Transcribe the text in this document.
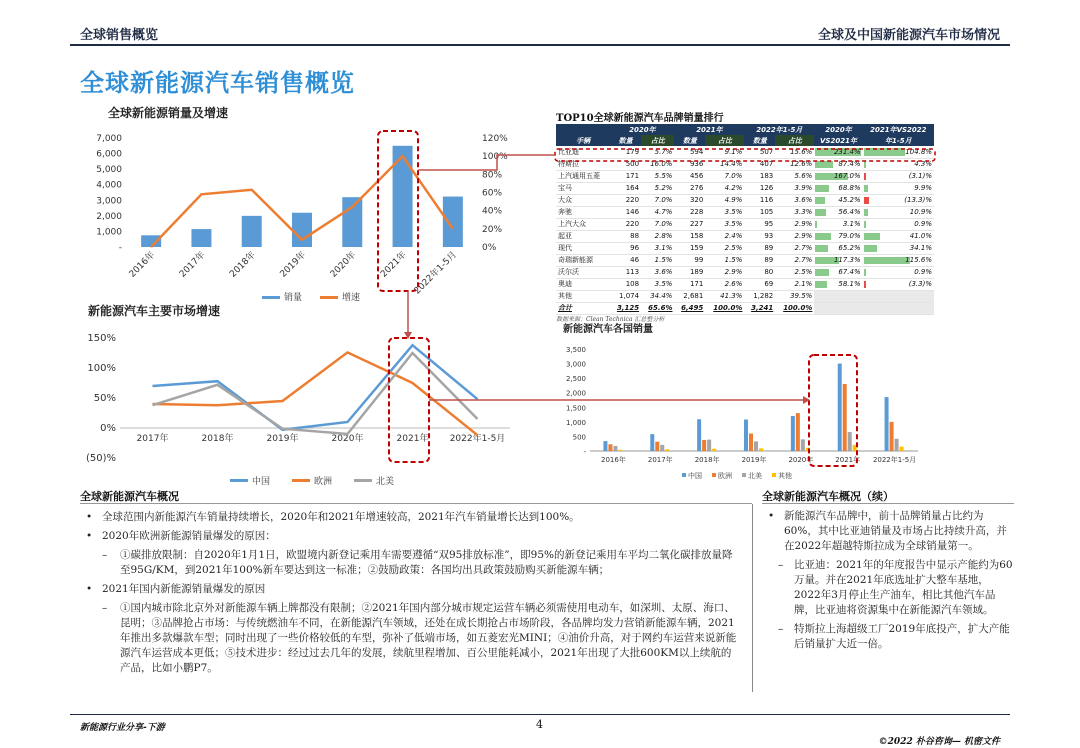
全球销售概览	全球及中国新能源汽车市场情况
全球新能源汽车销售概览
全球新能源销量及增速
-
1,000
2,000
3,000
4,000
5,000
6,000
7,000
0%
20%
40%
60%
80%
100%
120%
2016年 2017年 2018年 2019年 2020年 2021年 2022年1-5月
销量	增速
新能源汽车主要市场增速
(50)%
0%
50%
100%
150%
2017年	2018年	2019年	2020年	2021年 2022年1-5月
中国	欧洲	北美
TOP10全球新能源汽车品牌销量排行
	2020年		2021年		2022年1-5月		2020年	2021年VS2022
手辆	数量	占比	数量	占比	数量	占比	VS2021年	年1-5月
比亚迪	179	5.7%	594	9.1%	507	15.6%	231.4%	104.8%
特斯拉	500	16.0%	936	14.4%	407	12.6%	87.4%	4.3%
上汽通用五菱	171	5.5%	456	7.0%	183	5.6%	167.0%	(3.1)%
宝马	164	5.2%	276	4.2%	126	3.9%	68.8%	9.9%
大众	220	7.0%	320	4.9%	116	3.6%	45.2%	(13.3)%
奔驰	146	4.7%	228	3.5%	105	3.3%	56.4%	10.9%
上汽大众	220	7.0%	227	3.5%	95	2.9%	3.1%	0.9%
起亚	88	2.8%	158	2.4%	93	2.9%	79.0%	41.0%
现代	96	3.1%	159	2.5%	89	2.7%	65.2%	34.1%
奇瑞新能源	46	1.5%	99	1.5%	89	2.7%	117.3%	115.6%
沃尔沃	113	3.6%	189	2.9%	80	2.5%	67.4%	0.9%
奥迪	108	3.5%	171	2.6%	69	2.1%	58.1%	(3.3)%
其他	1,074	34.4%	2,681	41.3%	1,282	39.5%		
合计	3,125	65.6%	6,495	100.0%	3,241	100.0%		
数据来源：Clean Technica 汇总整分析
新能源汽车各国销量
-
500
1,000
1,500
2,000
2,500
3,000
3,500
2016年	2017年	2018年	2019年	2020年	2021年 2022年1-5月
中国 欧洲 北美 其他
全球新能源汽车概况	全球新能源汽车概况（续）
• 全球范围内新能源汽车销量持续增长，2020年和2021年增速较高，2021年汽车销量增长达到100%。
• 2020年欧洲新能源销量爆发的原因：
– ①碳排放限制：自2020年1月1日，欧盟境内新登记乘用车需要遵循“双95排放标准”，即95%的新登记乘用车平均二氧化碳排放量降至95G/KM，到2021年100%新车要达到这一标准；②鼓励政策：各国均出具政策鼓励购买新能源车辆；
• 2021年国内新能源销量爆发的原因
– ①国内城市除北京外对新能源车辆上牌都没有限制；②2021年国内部分城市规定运营车辆必须需使用电动车，如深圳、太原、海口、昆明；③品牌抢占市场：与传统燃油车不同，在新能源汽车领域，还处在成长期抢占市场阶段，各品牌均发力营销新能源车辆，2021年推出多款爆款车型；同时出现了一些价格较低的车型，弥补了低端市场，如五菱宏光MINI；④油价升高，对于网约车运营来说新能源汽车运营成本更低；⑤技术进步：经过过去几年的发展，续航里程增加、百公里能耗减小，2021年出现了大批600KM以上续航的产品，比如小鹏P7。
• 新能源汽车品牌中，前十品牌销量占比约为60%，其中比亚迪销量及市场占比持续升高，并在2022年超越特斯拉成为全球销量第一。
– 比亚迪：2021年的年度报告中显示产能约为60万量。并在2021年底选址扩大整车基地，2022年3月停止生产油车，相比其他汽车品牌，比亚迪将资源集中在新能源汽车领域。
– 特斯拉上海超级工厂2019年底投产，扩大产能后销量扩大近一倍。
新能源行业分享-下游	4
©2022 朴谷咨询— 机密文件
